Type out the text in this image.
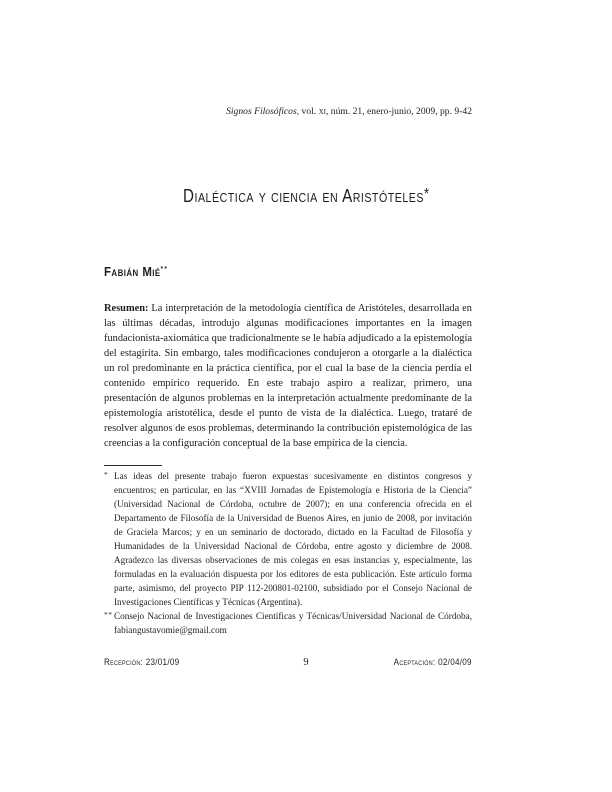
Signos Filosóficos, vol. xi, núm. 21, enero-junio, 2009, pp. 9-42
Dialéctica y ciencia en Aristóteles*
Fabián Mié**

Resumen: La interpretación de la metodología científica de Aristóteles, desarrollada en las últimas décadas, introdujo algunas modificaciones importantes en la imagen fundacionista-axiomática que tradicionalmente se le había adjudicado a la epistemología del estagirita. Sin embargo, tales modificaciones condujeron a otorgarle a la dialéctica un rol predominante en la práctica científica, por el cual la base de la ciencia perdía el contenido empírico requerido. En este trabajo aspiro a realizar, primero, una presentación de algunos problemas en la interpretación actualmente predominante de la epistemología aristotélica, desde el punto de vista de la dialéctica. Luego, trataré de resolver algunos de esos problemas, determinando la contribución epistemológica de las creencias a la configuración conceptual de la base empírica de la ciencia.

* Las ideas del presente trabajo fueron expuestas sucesivamente en distintos congresos y encuentros; en particular, en las “XVIII Jornadas de Epistemología e Historia de la Ciencia” (Universidad Nacional de Córdoba, octubre de 2007); en una conferencia ofrecida en el Departamento de Filosofía de la Universidad de Buenos Aires, en junio de 2008, por invitación de Graciela Marcos; y en un seminario de doctorado, dictado en la Facultad de Filosofía y Humanidades de la Universidad Nacional de Córdoba, entre agosto y diciembre de 2008. Agradezco las diversas observaciones de mis colegas en esas instancias y, especialmente, las formuladas en la evaluación dispuesta por los editores de esta publicación. Este artículo forma parte, asimismo, del proyecto PIP 112-200801-02100, subsidiado por el Consejo Nacional de Investigaciones Científicas y Técnicas (Argentina).
** Consejo Nacional de Investigaciones Científicas y Técnicas/Universidad Nacional de Córdoba, fabiangustavomie@gmail.com
Recepción: 23/01/09	9	Aceptación: 02/04/09
